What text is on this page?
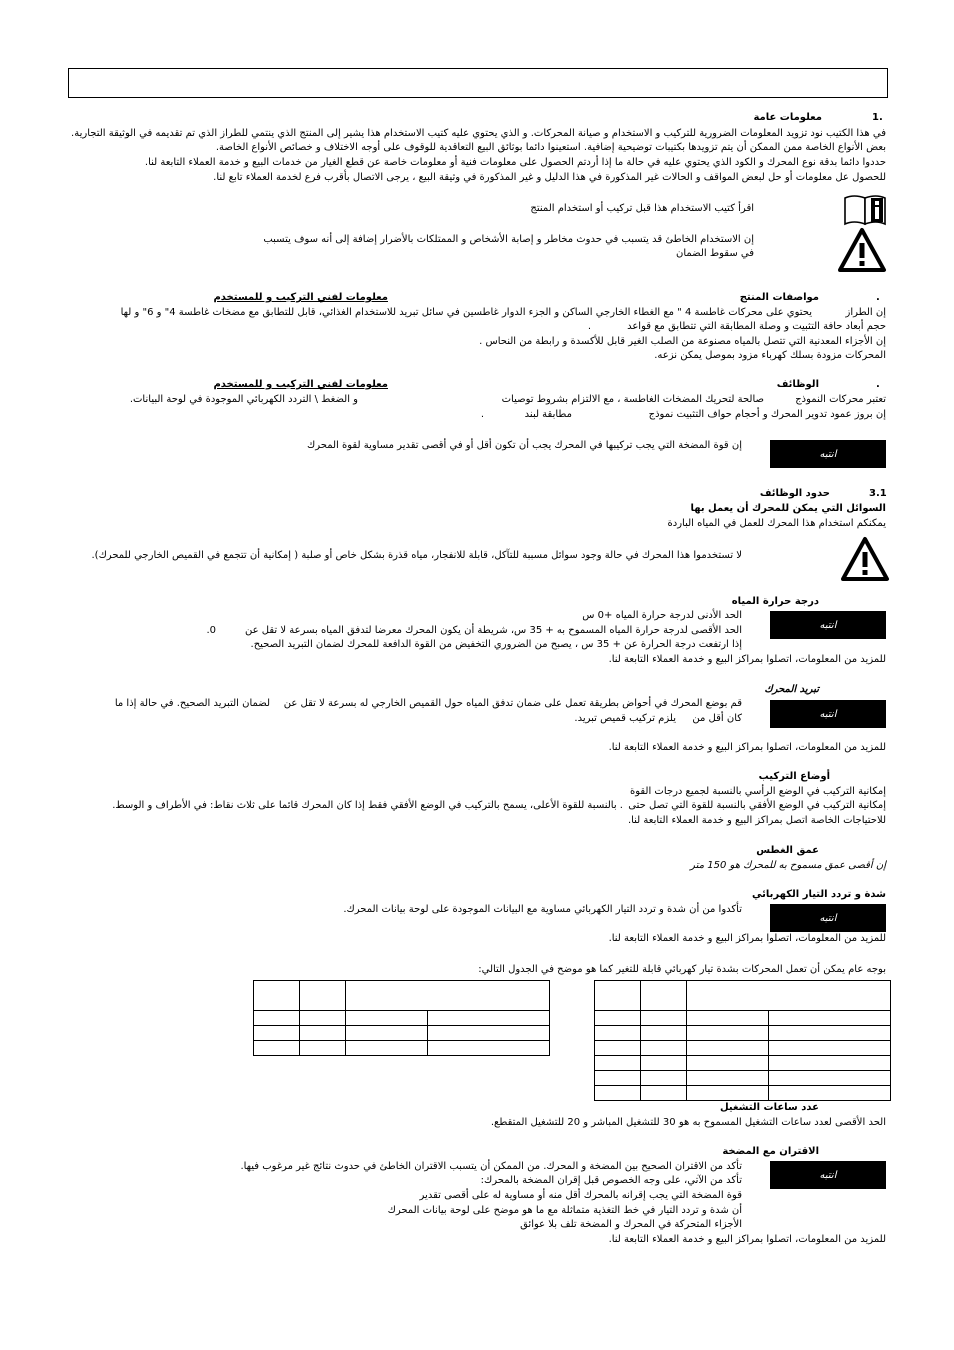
1.
معلومات عامة
في هذا الكتيب نود تزويد المعلومات الضرورية للتركيب و الاستخدام و صيانة المحركات. و الذي يحتوي عليه كتيب الاستخدام هذا يشير إلى المنتج الذي ينتمي للطراز الذي تم تقديمه في الوثيقة التجارية.
بعض الأنواع الخاصة ممن الممكن أن يتم تزويدها بكتيبات توضيحية إضافية. استعينوا دائما بوثائق البيع التعاقدية للوقوف على أوجه الاختلاف و خصائص الأنواع الخاصة.
حددوا دائما بدقة نوع المحرك و الكود الذي يحتوي عليه في حالة ما إذا أردتم الحصول على معلومات فنية أو معلومات خاصة عن قطع الغيار من خدمات البيع و خدمة العملاء التابعة لنا.
للحصول عل معلومات أو حل لبعض المواقف و الحالات غير المذكورة في هذا الدليل و غير المذكورة في وثيقة البيع ، يرجى الاتصال بأقرب فرع لخدمة العملاء تابع لنا.
اقرأ كتيب الاستخدام هذا قبل تركيب أو استخدام المنتج
إن الاستخدام الخاطئ قد يتسبب في حدوث مخاطر و إصابة الأشخاص و الممتلكات بالأضرار إضافة إلى أنه سوف يتسبب
في سقوط الضمان
.
مواصفات المنتج
معلومات لفني التركيب و للمستخدم
إن الطراز
يحتوي على محركات غاطسة 4 " مع الغطاء الخارجي الساكن و الجزء الدوار غاطسين في سائل تبريد للاستخدام الغذائي، قابل للتطابق مع مضخات غاطسة 4" و 6" و لها
حجم أبعاد حافة التثبيت و وصلة المطابقة التي تتطابق مع قواعد
.
إن الأجزاء المعدنية التي تتصل بالمياه مصنوعة من الصلب الغير قابل للأكسدة و رابطة من النحاس .
المحركات مزودة بسلك كهرباء مزود بموصل يمكن نزعه.
.
الوظائف
معلومات لفني التركيب و للمستخدم
تعتبر محركات النموذج
صالحة لتحريك المضخات الغاطسة ، مع الالتزام بشروط توصيات
و الضغط \ التردد الكهربائي الموجودة في لوحة البيانات.
إن بروز عمود تدوير المحرك و أحجام حواف التثبيت نموذج
مطابقة لبند
.
إن قوة المضخة التي يجب تركيبها في المحرك يجب أن تكون أقل أو في أقصى تقدير مساوية لقوة المحرك
انتبه
3.1
حدود الوظائف
السوائل التي يمكن للمحرك أن يعمل بها
يمكنكم استخدام هذا المحرك للعمل في المياه الباردة
لا تستخدموا هذا المحرك في حالة وجود سوائل مسببة للتآكل، قابلة للانفجار، مياه قذرة بشكل خاص أو صلبة ( إمكانية أن تتجمع في القميص الخارجي للمحرك).
درجة حرارة المياه
انتبه
الحد الأدنى لدرجة حرارة المياه +0 س
الحد الأقصى لدرجة حرارة المياه المسموح به + 35 س، شريطة أن يكون المحرك معرضا لتدفق المياه بسرعة لا تقل عن
0.
إذا ارتفعت درجة الحرارة عن + 35 س ، يصبح من الضروري التخفيض من القوة الدافعة للمحرك لضمان التبريد الصحيح.
للمزيد من المعلومات، اتصلوا بمراكز البيع و خدمة العملاء التابعة لنا.
تبريد المحرك
انتبه
قم بوضع المحرك في أحواض بطريقة تعمل على ضمان تدفق المياه حول القميص الخارجي له بسرعة لا تقل عن
لضمان التبريد الصحيح. في حالة إذا ما
كان أقل من
يلزم تركيب قميص تبريد.
للمزيد من المعلومات، اتصلوا بمراكز البيع و خدمة العملاء التابعة لنا.
أوضاع التركيب
إمكانية التركيب في الوضع الرأسي بالنسبة لجميع درجات القوة
إمكانية التركيب في الوضع الأفقي بالنسبة للقوة التي تصل حتى
. بالنسبة للقوة الأعلى، يسمح بالتركيب في الوضع الأفقي فقط إذا كان المحرك قائما على ثلاث نقاط: في الأطراف و الوسط.
للاحتياجات الخاصة اتصل بمراكز البيع و خدمة العملاء التابعة لنا.
عمق الغطس
إن أقصى عمق مسموح به للمحرك هو 150 متر
شدة و تردد التيار الكهربائي
انتبه
تأكدوا من أن شدة و تردد التيار الكهربائي مساوية مع البيانات الموجودة على لوحة بيانات المحرك.
للمزيد من المعلومات، اتصلوا بمراكز البيع و خدمة العملاء التابعة لنا.
بوجه عام يمكن أن تعمل المحركات بشدة تيار كهربائي قابلة للتغير كما هو موضح في الجدول التالي:

عدد ساعات التشغيل
الحد الأقصى لعدد ساعات التشغيل المسموح به هو 30 للتشغيل المباشر و 20 للتشغيل المتقطع.
الاقتران مع المضخة
انتبه
تأكد من الاقتران الصحيح بين المضخة و المحرك. من الممكن أن يتسبب الاقتران الخاطئ في حدوث نتائج غير مرغوب فيها.
تأكد من الآتي، على وجه الخصوص قبل إقران المضخة بالمحرك:
قوة المضخة التي يجب إقرانه بالمحرك أقل منه أو مساوية له على أقصى تقدير
أن شدة و تردد التيار في خط التغذية متماثلة مع ما هو موضح على لوحة بيانات المحرك
الأجزاء المتحركة في المحرك و المضخة تلف بلا عوائق
للمزيد من المعلومات، اتصلوا بمراكز البيع و خدمة العملاء التابعة لنا.
